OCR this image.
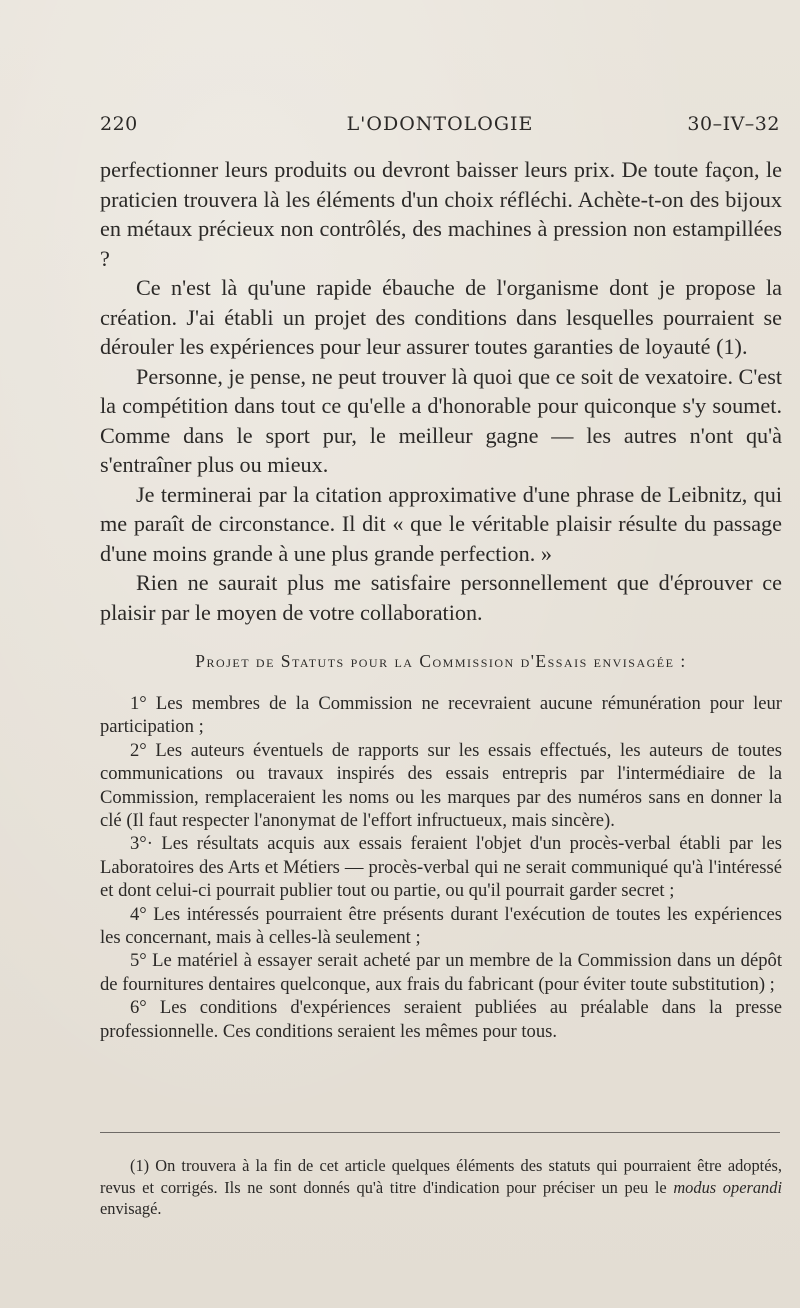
220	L'ODONTOLOGIE	30–IV–32

perfectionner leurs produits ou devront baisser leurs prix. De toute façon, le praticien trouvera là les éléments d'un choix réfléchi. Achète-t-on des bijoux en métaux précieux non contrôlés, des machines à pression non estampillées ?

Ce n'est là qu'une rapide ébauche de l'organisme dont je propose la création. J'ai établi un projet des conditions dans lesquelles pourraient se dérouler les expériences pour leur assurer toutes garanties de loyauté (1).

Personne, je pense, ne peut trouver là quoi que ce soit de vexatoire. C'est la compétition dans tout ce qu'elle a d'honorable pour quiconque s'y soumet. Comme dans le sport pur, le meilleur gagne — les autres n'ont qu'à s'entraîner plus ou mieux.

Je terminerai par la citation approximative d'une phrase de Leibnitz, qui me paraît de circonstance. Il dit « que le véritable plaisir résulte du passage d'une moins grande à une plus grande perfection. »

Rien ne saurait plus me satisfaire personnellement que d'éprouver ce plaisir par le moyen de votre collaboration.

Projet de Statuts pour la Commission d'Essais envisagée :

1° Les membres de la Commission ne recevraient aucune rémunération pour leur participation ;

2° Les auteurs éventuels de rapports sur les essais effectués, les auteurs de toutes communications ou travaux inspirés des essais entrepris par l'intermédiaire de la Commission, remplaceraient les noms ou les marques par des numéros sans en donner la clé (Il faut respecter l'anonymat de l'effort infructueux, mais sincère).

3°· Les résultats acquis aux essais feraient l'objet d'un procès-verbal établi par les Laboratoires des Arts et Métiers — procès-verbal qui ne serait communiqué qu'à l'intéressé et dont celui-ci pourrait publier tout ou partie, ou qu'il pourrait garder secret ;

4° Les intéressés pourraient être présents durant l'exécution de toutes les expériences les concernant, mais à celles-là seulement ;

5° Le matériel à essayer serait acheté par un membre de la Commission dans un dépôt de fournitures dentaires quelconque, aux frais du fabricant (pour éviter toute substitution) ;

6° Les conditions d'expériences seraient publiées au préalable dans la presse professionnelle. Ces conditions seraient les mêmes pour tous.

(1) On trouvera à la fin de cet article quelques éléments des statuts qui pourraient être adoptés, revus et corrigés. Ils ne sont donnés qu'à titre d'indication pour préciser un peu le modus operandi envisagé.
